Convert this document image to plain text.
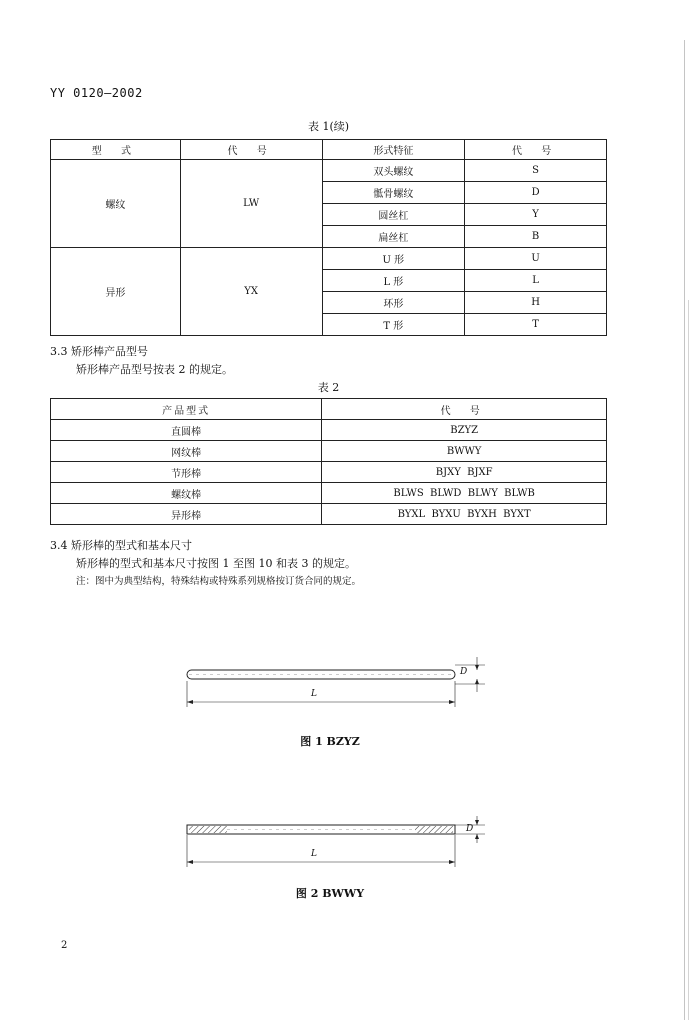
YY 0120—2002
表 1(续)
型 式	代 号	形式特征	代 号
螺纹	LW	双头螺纹	S
		骶骨螺纹	D
		圆丝杠	Y
		扁丝杠	B
异形	YX	U 形	U
		L 形	L
		环形	H
		T 形	T
3.3 矫形棒产品型号
矫形棒产品型号按表 2 的规定。
表 2
产品型式	代 号
直圆棒	BZYZ
网纹棒	BWWY
节形棒	BJXY  BJXF
螺纹棒	BLWS  BLWD  BLWY  BLWB
异形棒	BYXL  BYXU  BYXH  BYXT
3.4 矫形棒的型式和基本尺寸
矫形棒的型式和基本尺寸按图 1 至图 10 和表 3 的规定。
注：图中为典型结构，特殊结构或特殊系列规格按订货合同的规定。
D
L
图 1 BZYZ
D
L
图 2 BWWY
2
